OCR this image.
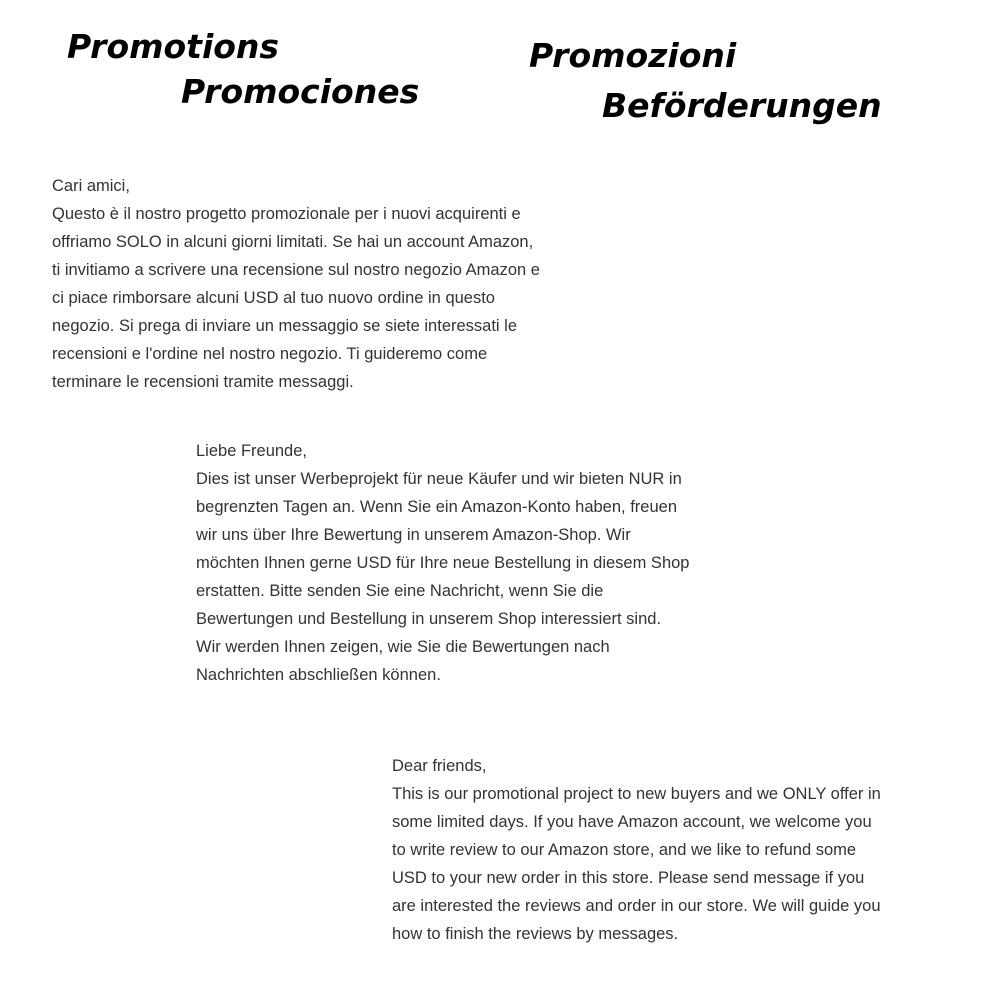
Promotions
Promociones
Promozioni
Beförderungen

Cari amici,

Questo è il nostro progetto promozionale per i nuovi acquirenti e
offriamo SOLO in alcuni giorni limitati. Se hai un account Amazon,
ti invitiamo a scrivere una recensione sul nostro negozio Amazon e
ci piace rimborsare alcuni USD al tuo nuovo ordine in questo
negozio. Si prega di inviare un messaggio se siete interessati le
recensioni e l'ordine nel nostro negozio. Ti guideremo come
terminare le recensioni tramite messaggi.

Liebe Freunde,

Dies ist unser Werbeprojekt für neue Käufer und wir bieten NUR in
begrenzten Tagen an. Wenn Sie ein Amazon-Konto haben, freuen
wir uns über Ihre Bewertung in unserem Amazon-Shop. Wir
möchten Ihnen gerne USD für Ihre neue Bestellung in diesem Shop
erstatten. Bitte senden Sie eine Nachricht, wenn Sie die
Bewertungen und Bestellung in unserem Shop interessiert sind.
Wir werden Ihnen zeigen, wie Sie die Bewertungen nach
Nachrichten abschließen können.

Dear friends,

This is our promotional project to new buyers and we ONLY offer in
some limited days. If you have Amazon account, we welcome you
to write review to our Amazon store, and we like to refund some
USD to your new order in this store. Please send message if you
are interested the reviews and order in our store. We will guide you
how to finish the reviews by messages.
